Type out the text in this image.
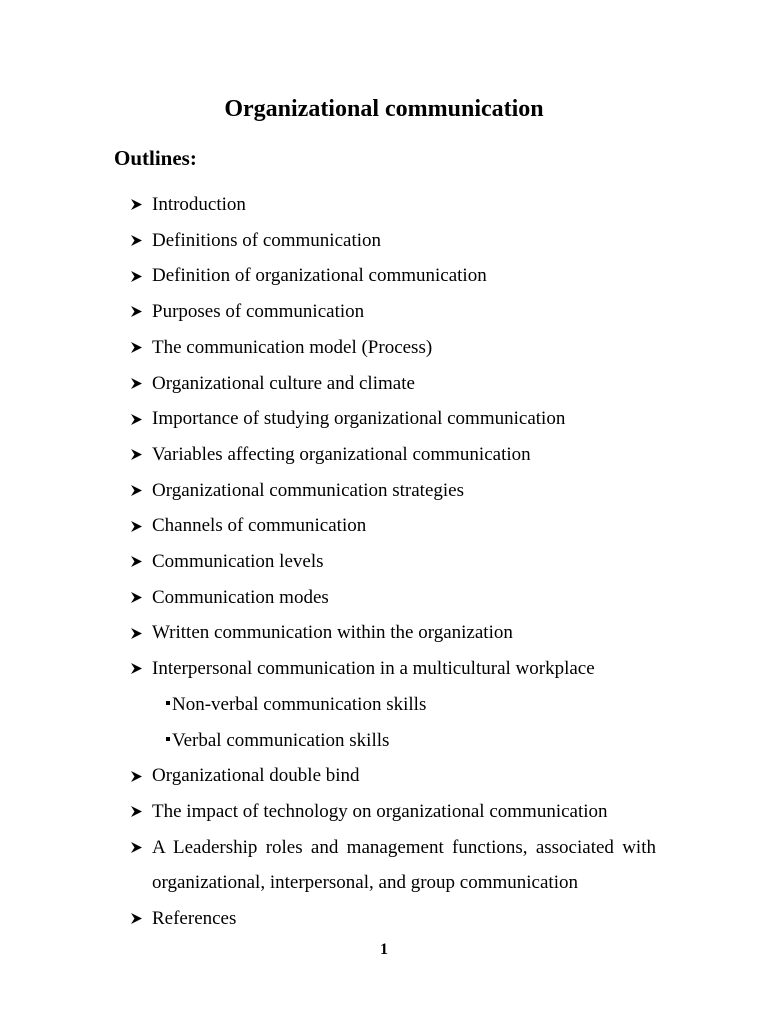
Organizational communication
Outlines:
Introduction
Definitions of communication
Definition of organizational communication
Purposes of communication
The communication model (Process)
Organizational culture and climate
Importance of studying organizational communication
Variables affecting organizational communication
Organizational communication strategies
Channels of communication
Communication levels
Communication modes
Written communication within the organization
Interpersonal communication in a multicultural workplace
Non-verbal communication skills
Verbal communication skills
Organizational double bind
The impact of technology on organizational communication
A Leadership roles and management functions, associated with organizational, interpersonal, and group communication
References
1
